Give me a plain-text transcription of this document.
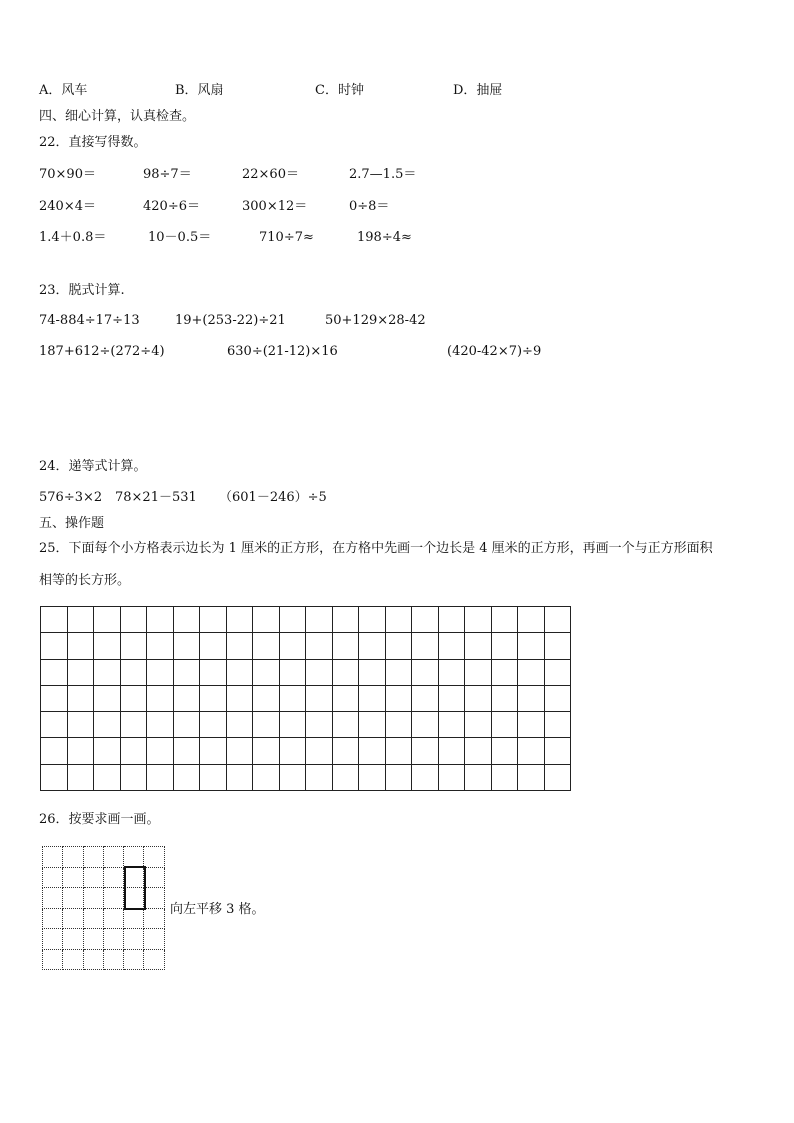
A．风车	B．风扇	C．时钟	D．抽屉
四、细心计算，认真检查。
22．直接写得数。
70×90＝	98÷7＝	22×60＝	2.7—1.5＝
240×4＝	420÷6＝	300×12＝	0÷8＝
1.4＋0.8＝	10－0.5＝	710÷7≈	198÷4≈
23．脱式计算.
74-884÷17÷13	19+(253-22)÷21	50+129×28-42
187+612÷(272÷4)	630÷(21-12)×16	(420-42×7)÷9
24．递等式计算。
576÷3×2 78×21－531 （601－246）÷5
五、操作题
25．下面每个小方格表示边长为 1 厘米的正方形，在方格中先画一个边长是 4 厘米的正方形，再画一个与正方形面积
相等的长方形。

26．按要求画一画。

向左平移 3 格。
